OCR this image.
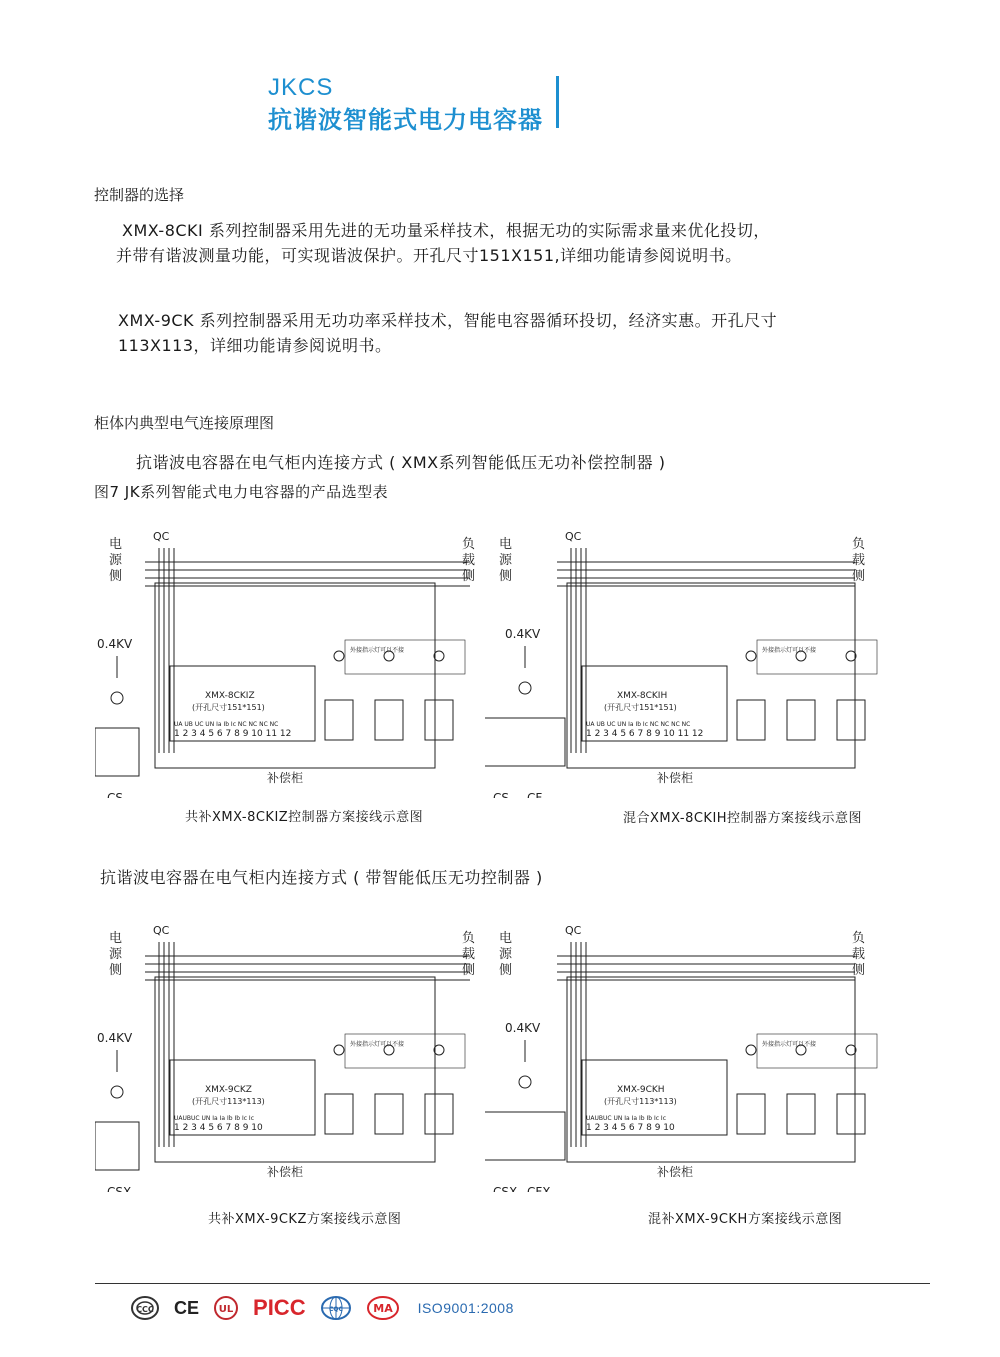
JKCS
抗谐波智能式电力电容器
控制器的选择
XMX-8CKI 系列控制器采用先进的无功量采样技术，根据无功的实际需求量来优化投切，
并带有谐波测量功能，可实现谐波保护。开孔尺寸151X151,详细功能请参阅说明书。
XMX-9CK 系列控制器采用无功功率采样技术，智能电容器循环投切，经济实惠。开孔尺寸
113X113，详细功能请参阅说明书。
柜体内典型电气连接原理图
抗谐波电容器在电气柜内连接方式 ( XMX系列智能低压无功补偿控制器 )
图7 JK系列智能式电力电容器的产品选型表
抗谐波电容器在电气柜内连接方式 ( 带智能低压无功控制器 )
电
源
侧
负
载
侧
QC
0.4KV
XMX-8CKIZ
(开孔尺寸151*151)
UA UB UC UN Ia Ib Ic NC NC NC NC
1 2 3 4 5 6 7 8 9 10 11 12
外接指示灯可以不接
补偿柜
CS
电
源
侧
负
载
侧
QC
0.4KV
XMX-8CKIH
(开孔尺寸151*151)
UA UB UC UN Ia Ib Ic NC NC NC NC
1 2 3 4 5 6 7 8 9 10 11 12
外接指示灯可以不接
补偿柜
CS CF
电
源
侧
负
载
侧
QC
0.4KV
XMX-9CKZ
(开孔尺寸113*113)
UAUBUC UN Ia Ia Ib Ib Ic Ic
1 2 3 4 5 6 7 8 9 10
外接指示灯可以不接
补偿柜
CSX
电
源
侧
负
载
侧
QC
0.4KV
XMX-9CKH
(开孔尺寸113*113)
UAUBUC UN Ia Ia Ib Ib Ic Ic
1 2 3 4 5 6 7 8 9 10
外接指示灯可以不接
补偿柜
CSX CFX
共补XMX-8CKIZ控制器方案接线示意图	混合XMX-8CKIH控制器方案接线示意图
共补XMX-9CKZ方案接线示意图	混补XMX-9CKH方案接线示意图
CCC CE UL PICC	CQC	MA ISO9001:2008
